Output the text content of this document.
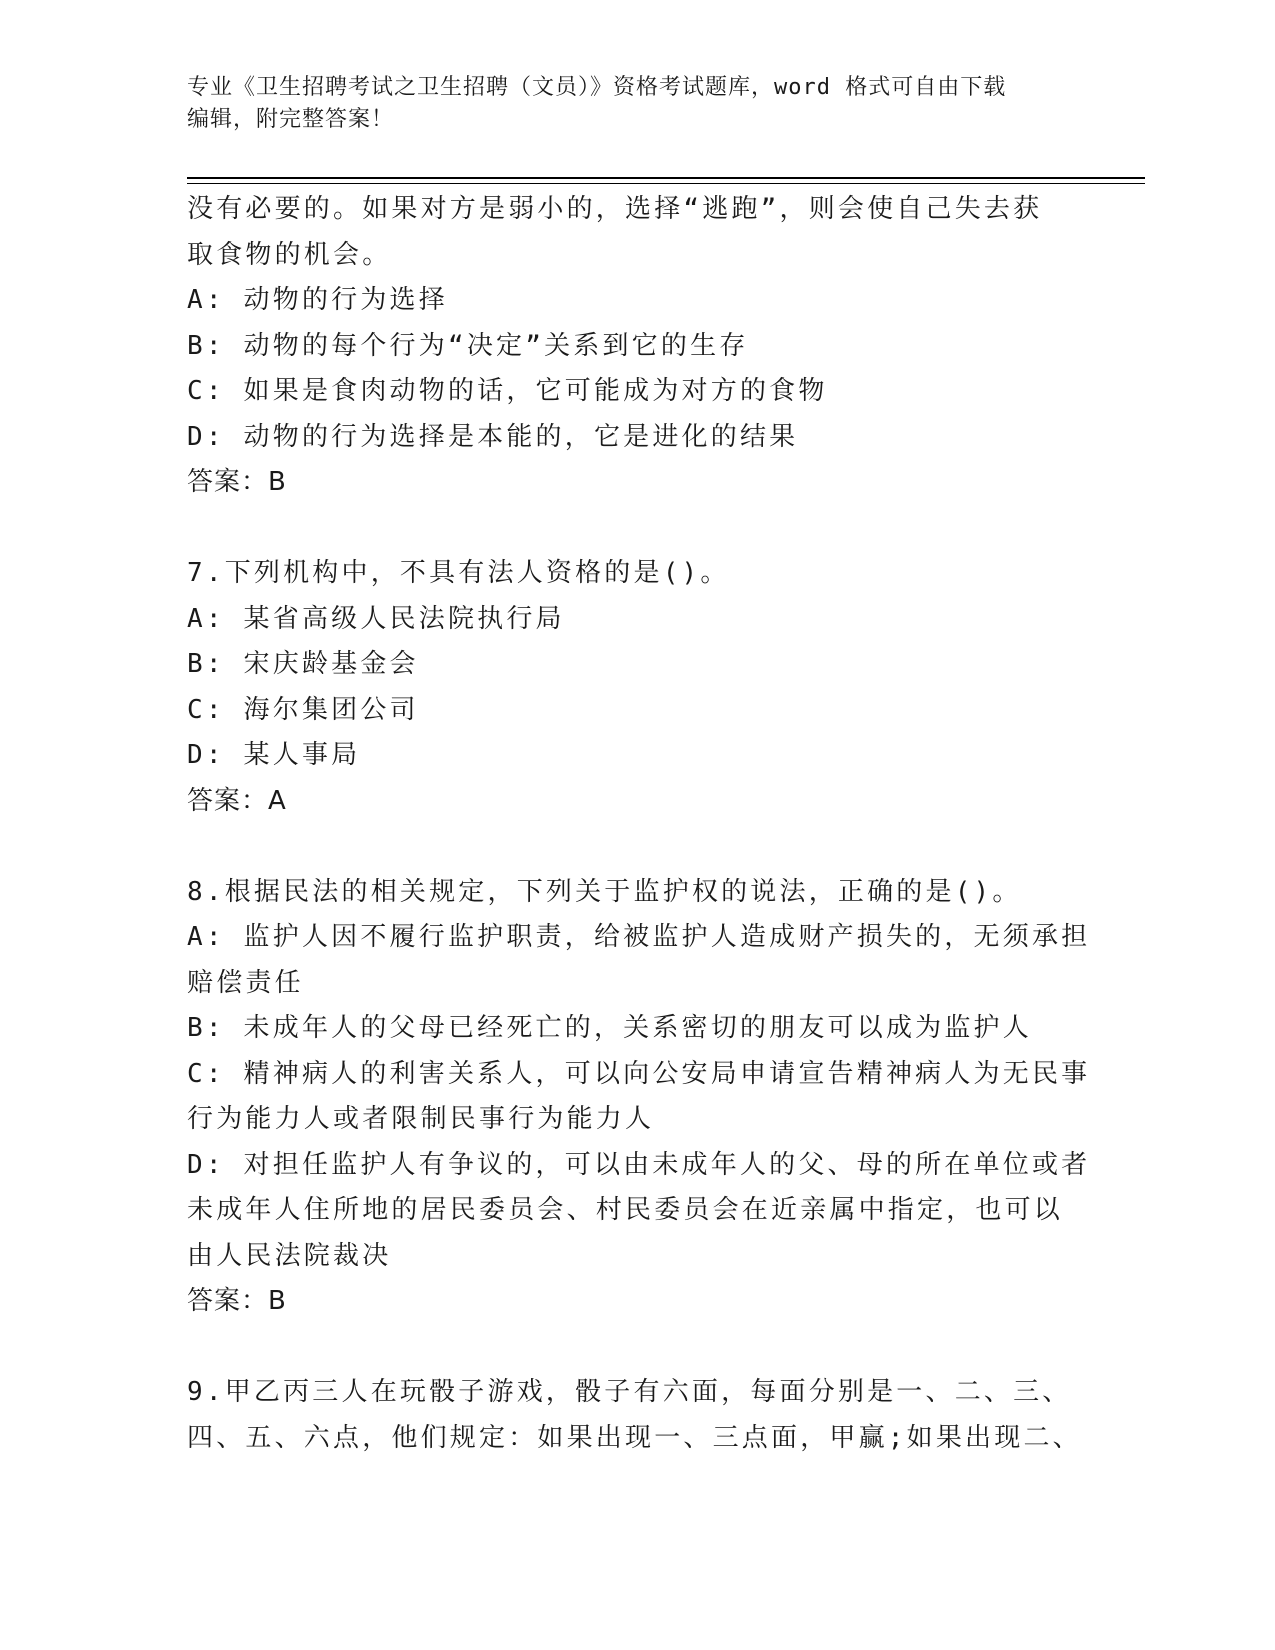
专业《卫生招聘考试之卫生招聘（文员）》资格考试题库，word 格式可自由下载
编辑，附完整答案！
没有必要的。如果对方是弱小的，选择“逃跑”，则会使自己失去获
取食物的机会。
A: 动物的行为选择
B: 动物的每个行为“决定”关系到它的生存
C: 如果是食肉动物的话，它可能成为对方的食物
D: 动物的行为选择是本能的，它是进化的结果
答案：B
7.下列机构中，不具有法人资格的是()。
A: 某省高级人民法院执行局
B: 宋庆龄基金会
C: 海尔集团公司
D: 某人事局
答案：A
8.根据民法的相关规定，下列关于监护权的说法，正确的是()。
A: 监护人因不履行监护职责，给被监护人造成财产损失的，无须承担
赔偿责任
B: 未成年人的父母已经死亡的，关系密切的朋友可以成为监护人
C: 精神病人的利害关系人，可以向公安局申请宣告精神病人为无民事
行为能力人或者限制民事行为能力人
D: 对担任监护人有争议的，可以由未成年人的父、母的所在单位或者
未成年人住所地的居民委员会、村民委员会在近亲属中指定，也可以
由人民法院裁决
答案：B
9.甲乙丙三人在玩骰子游戏，骰子有六面，每面分别是一、二、三、
四、五、六点，他们规定：如果出现一、三点面，甲赢;如果出现二、
